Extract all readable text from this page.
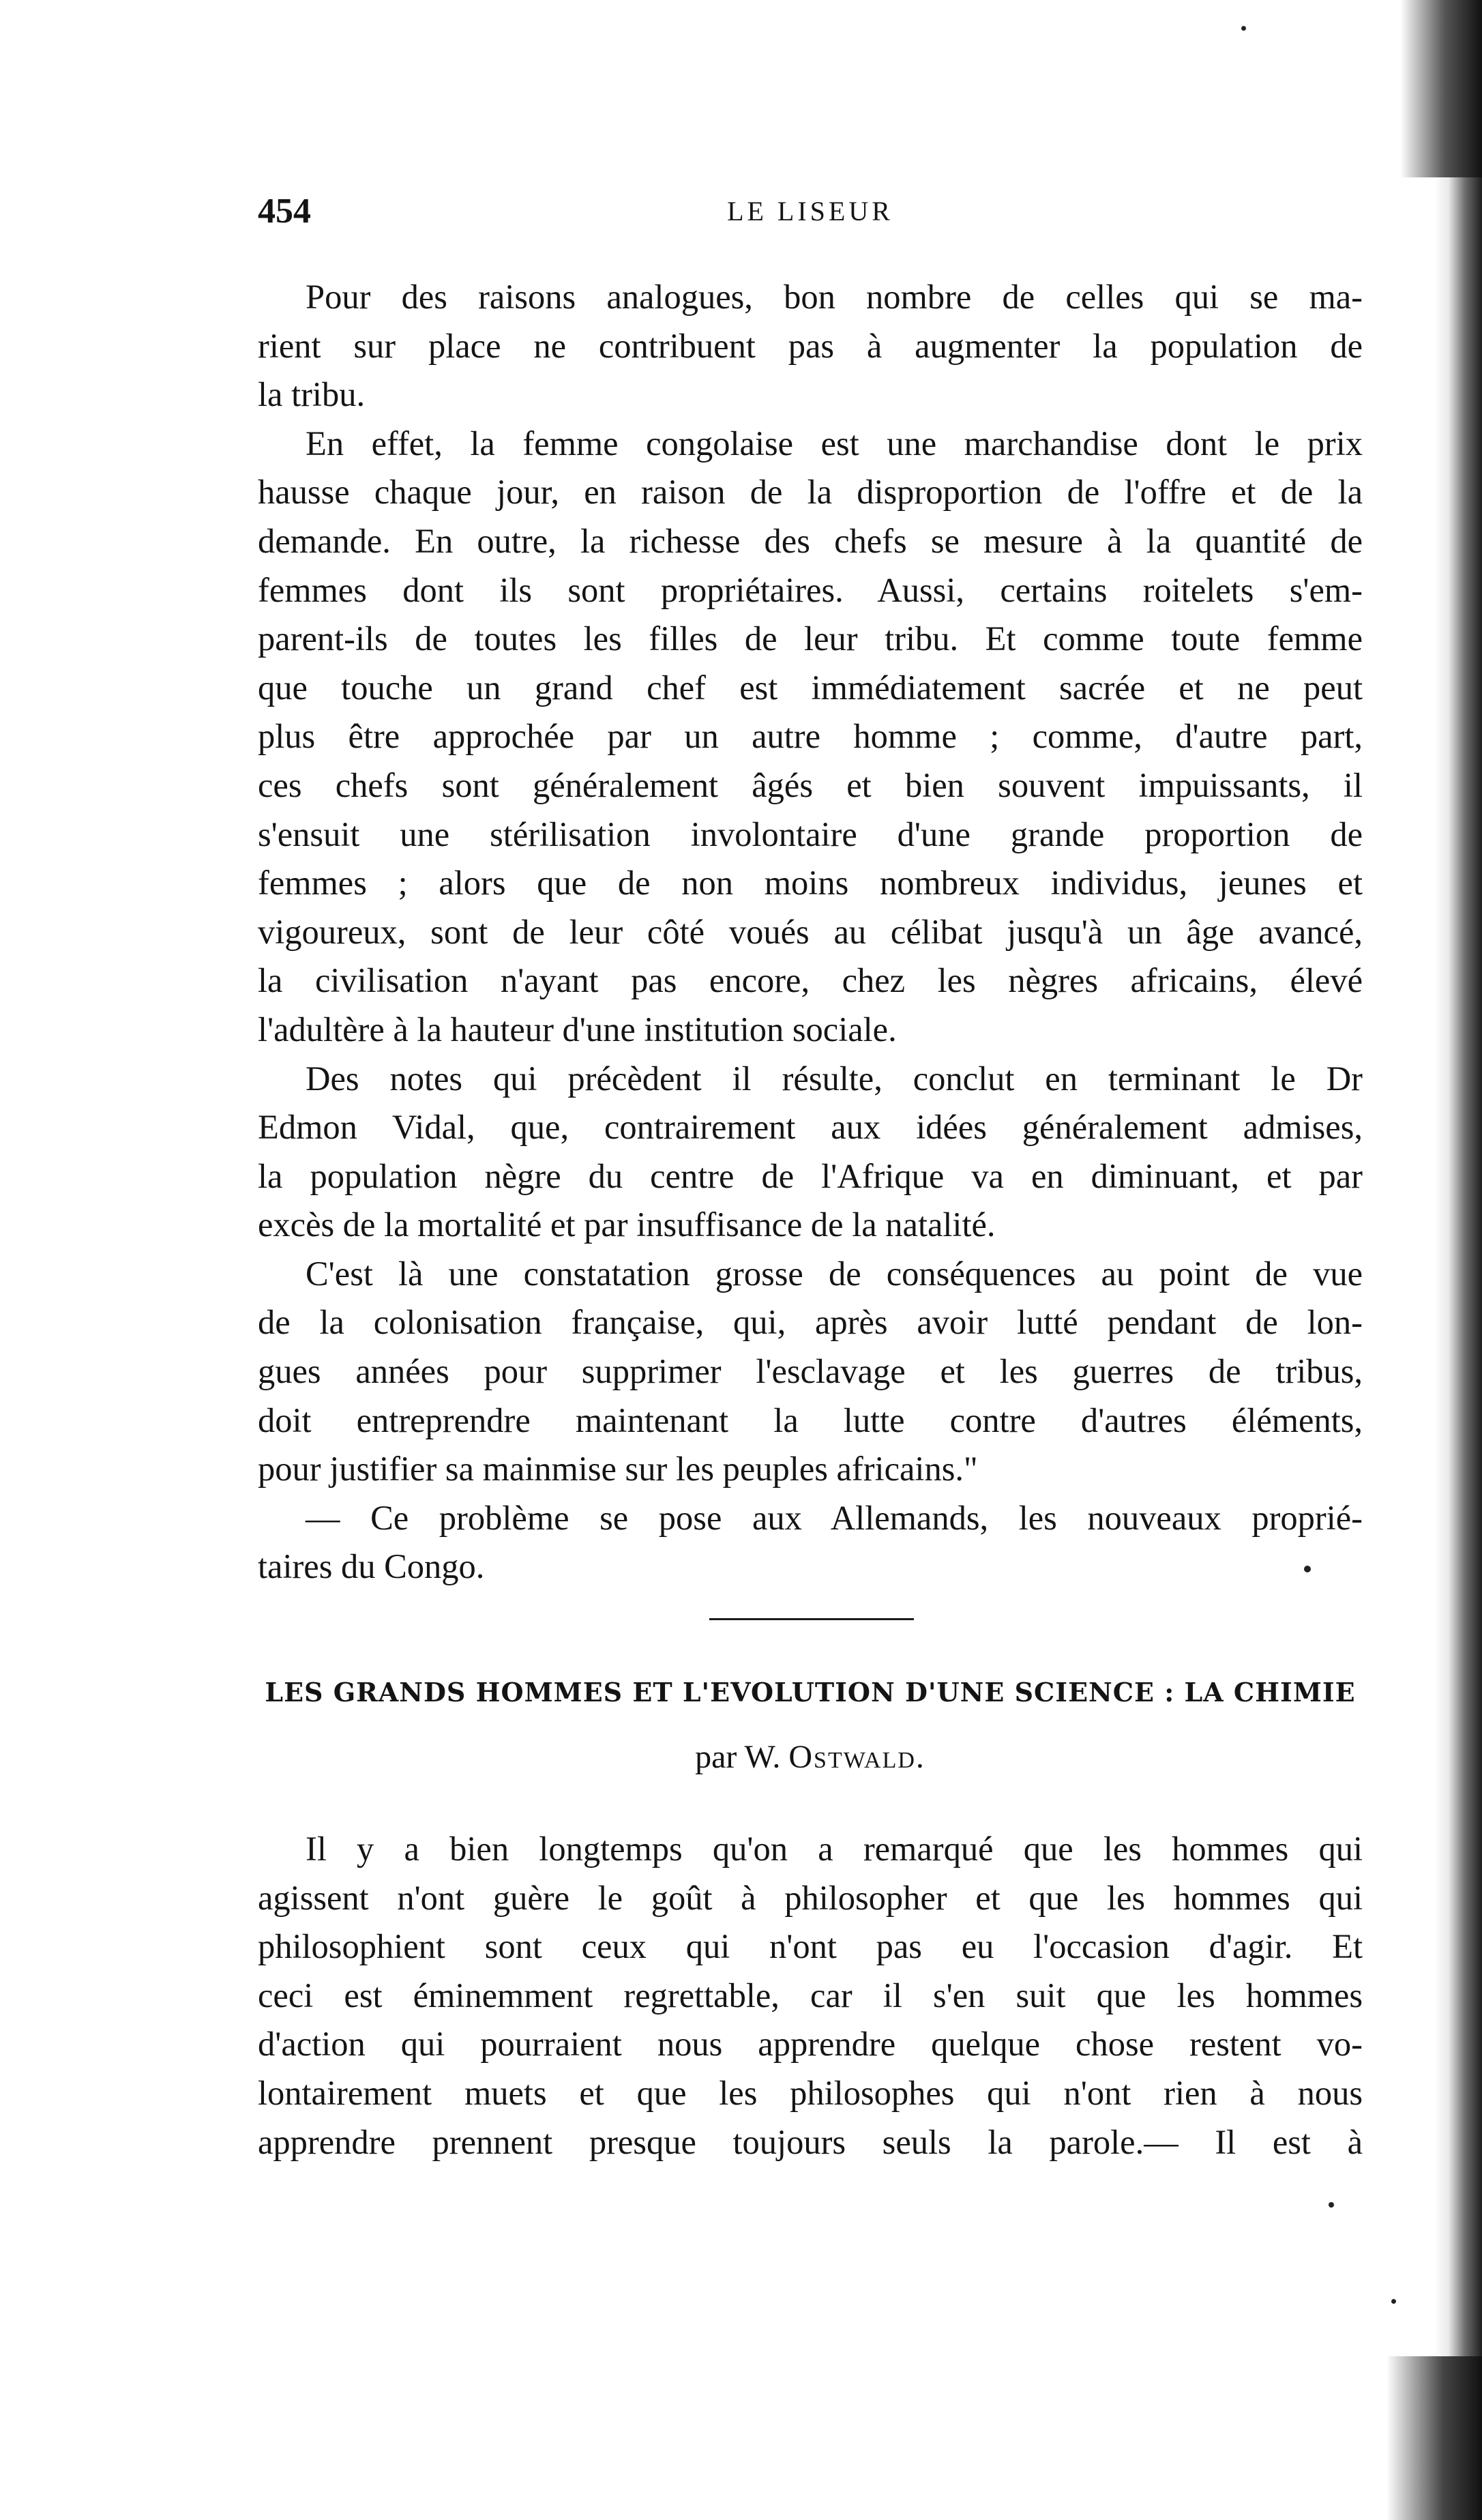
454	LE LISEUR
Pour des raisons analogues, bon nombre de celles qui se ma-
rient sur place ne contribuent pas à augmenter la population de
la tribu.
En effet, la femme congolaise est une marchandise dont le prix
hausse chaque jour, en raison de la disproportion de l'offre et de la
demande. En outre, la richesse des chefs se mesure à la quantité de
femmes dont ils sont propriétaires. Aussi, certains roitelets s'em-
parent-ils de toutes les filles de leur tribu. Et comme toute femme
que touche un grand chef est immédiatement sacrée et ne peut
plus être approchée par un autre homme ; comme, d'autre part,
ces chefs sont généralement âgés et bien souvent impuissants, il
s'ensuit une stérilisation involontaire d'une grande proportion de
femmes ; alors que de non moins nombreux individus, jeunes et
vigoureux, sont de leur côté voués au célibat jusqu'à un âge avancé,
la civilisation n'ayant pas encore, chez les nègres africains, élevé
l'adultère à la hauteur d'une institution sociale.
Des notes qui précèdent il résulte, conclut en terminant le Dr
Edmon Vidal, que, contrairement aux idées généralement admises,
la population nègre du centre de l'Afrique va en diminuant, et par
excès de la mortalité et par insuffisance de la natalité.
C'est là une constatation grosse de conséquences au point de vue
de la colonisation française, qui, après avoir lutté pendant de lon-
gues années pour supprimer l'esclavage et les guerres de tribus,
doit entreprendre maintenant la lutte contre d'autres éléments,
pour justifier sa mainmise sur les peuples africains."
— Ce problème se pose aux Allemands, les nouveaux proprié-
taires du Congo.
LES GRANDS HOMMES ET L'EVOLUTION D'UNE SCIENCE : LA CHIMIE
par W. Ostwald.
Il y a bien longtemps qu'on a remarqué que les hommes qui
agissent n'ont guère le goût à philosopher et que les hommes qui
philosophient sont ceux qui n'ont pas eu l'occasion d'agir. Et
ceci est éminemment regrettable, car il s'en suit que les hommes
d'action qui pourraient nous apprendre quelque chose restent vo-
lontairement muets et que les philosophes qui n'ont rien à nous
apprendre prennent presque toujours seuls la parole.— Il est à
